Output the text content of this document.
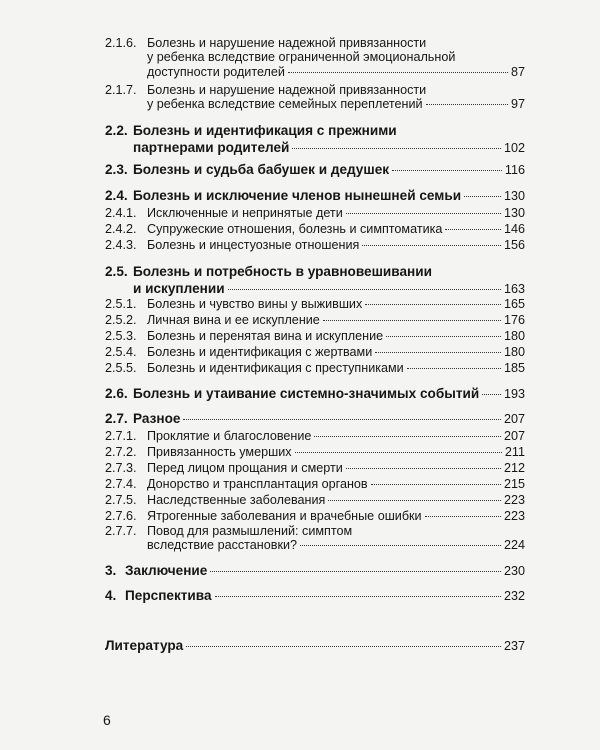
2.1.6. Болезнь и нарушение надежной привязанности
у ребенка вследствие ограниченной эмоциональной
доступности родителей	87
2.1.7. Болезнь и нарушение надежной привязанности
у ребенка вследствие семейных переплетений	97
2.2. Болезнь и идентификация с прежними
партнерами родителей	102
2.3. Болезнь и судьба бабушек и дедушек	116
2.4. Болезнь и исключение членов нынешней семьи	130
2.4.1. Исключенные и непринятые дети	130
2.4.2. Супружеские отношения, болезнь и симптоматика	146
2.4.3. Болезнь и инцестуозные отношения	156
2.5. Болезнь и потребность в уравновешивании
и искуплении	163
2.5.1. Болезнь и чувство вины у выживших	165
2.5.2. Личная вина и ее искупление	176
2.5.3. Болезнь и перенятая вина и искупление	180
2.5.4. Болезнь и идентификация с жертвами	180
2.5.5. Болезнь и идентификация с преступниками	185
2.6. Болезнь и утаивание системно-значимых событий 193
2.7. Разное	207
2.7.1. Проклятие и благословение	207
2.7.2. Привязанность умерших	211
2.7.3. Перед лицом прощания и смерти	212
2.7.4. Донорство и трансплантация органов	215
2.7.5. Наследственные заболевания	223
2.7.6. Ятрогенные заболевания и врачебные ошибки	223
2.7.7. Повод для размышлений: симптом
вследствие расстановки?	224
3. Заключение	230
4. Перспектива	232
Литература	237
6
